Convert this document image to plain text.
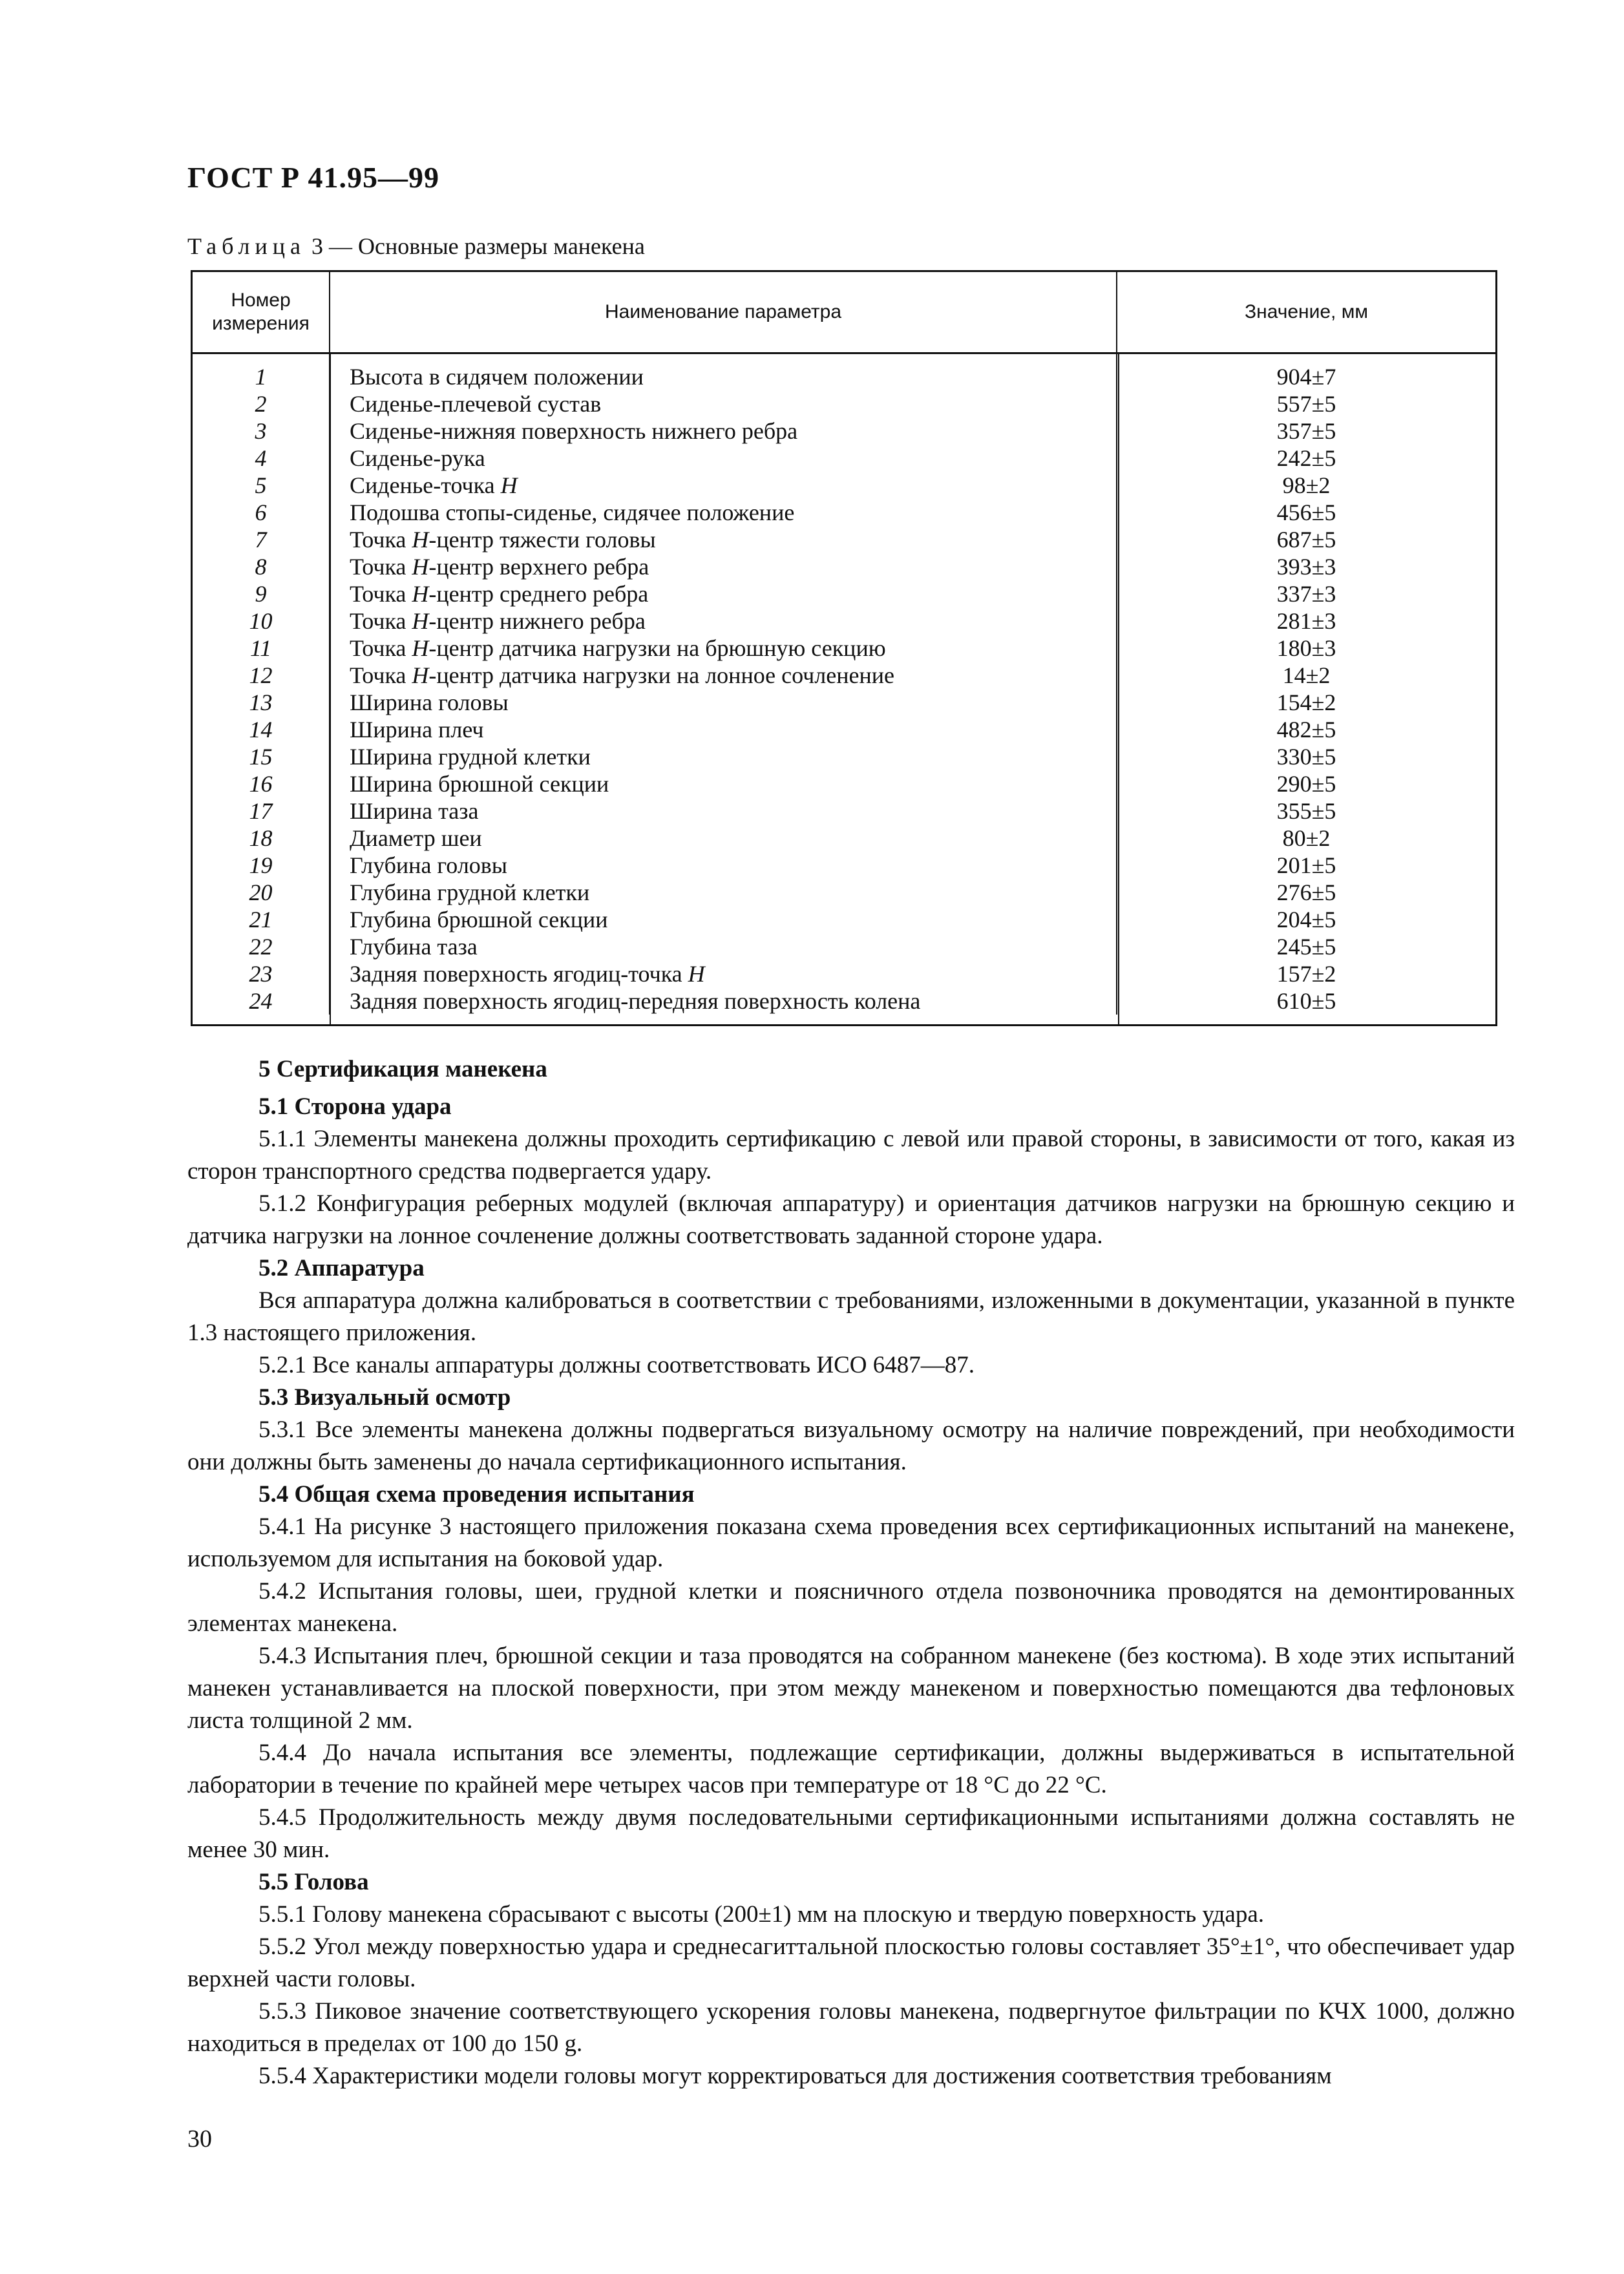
ГОСТ Р 41.95—99
Таблица 3 — Основные размеры манекена
Номер измерения	Наименование параметра	Значение, мм
1	Высота в сидячем положении	904±7
2	Сиденье-плечевой сустав	557±5
3	Сиденье-нижняя поверхность нижнего ребра	357±5
4	Сиденье-рука	242±5
5	Сиденье-точка H	98±2
6	Подошва стопы-сиденье, сидячее положение	456±5
7	Точка H-центр тяжести головы	687±5
8	Точка H-центр верхнего ребра	393±3
9	Точка H-центр среднего ребра	337±3
10	Точка H-центр нижнего ребра	281±3
11	Точка H-центр датчика нагрузки на брюшную секцию	180±3
12	Точка H-центр датчика нагрузки на лонное сочленение	14±2
13	Ширина головы	154±2
14	Ширина плеч	482±5
15	Ширина грудной клетки	330±5
16	Ширина брюшной секции	290±5
17	Ширина таза	355±5
18	Диаметр шеи	80±2
19	Глубина головы	201±5
20	Глубина грудной клетки	276±5
21	Глубина брюшной секции	204±5
22	Глубина таза	245±5
23	Задняя поверхность ягодиц-точка H	157±2
24	Задняя поверхность ягодиц-передняя поверхность колена	610±5

5 Сертификация манекена

5.1 Сторона удара

5.1.1 Элементы манекена должны проходить сертификацию с левой или правой стороны, в зависимости от того, какая из сторон транспортного средства подвергается удару.

5.1.2 Конфигурация реберных модулей (включая аппаратуру) и ориентация датчиков нагрузки на брюшную секцию и датчика нагрузки на лонное сочленение должны соответствовать заданной стороне удара.

5.2 Аппаратура

Вся аппаратура должна калиброваться в соответствии с требованиями, изложенными в документации, указанной в пункте 1.3 настоящего приложения.

5.2.1 Все каналы аппаратуры должны соответствовать ИСО 6487—87.

5.3 Визуальный осмотр

5.3.1 Все элементы манекена должны подвергаться визуальному осмотру на наличие повреждений, при необходимости они должны быть заменены до начала сертификационного испытания.

5.4 Общая схема проведения испытания

5.4.1 На рисунке 3 настоящего приложения показана схема проведения всех сертификационных испытаний на манекене, используемом для испытания на боковой удар.

5.4.2 Испытания головы, шеи, грудной клетки и поясничного отдела позвоночника проводятся на демонтированных элементах манекена.

5.4.3 Испытания плеч, брюшной секции и таза проводятся на собранном манекене (без костюма). В ходе этих испытаний манекен устанавливается на плоской поверхности, при этом между манекеном и поверхностью помещаются два тефлоновых листа толщиной 2 мм.

5.4.4 До начала испытания все элементы, подлежащие сертификации, должны выдерживаться в испытательной лаборатории в течение по крайней мере четырех часов при температуре от 18 °С до 22 °С.

5.4.5 Продолжительность между двумя последовательными сертификационными испытаниями должна составлять не менее 30 мин.

5.5 Голова

5.5.1 Голову манекена сбрасывают с высоты (200±1) мм на плоскую и твердую поверхность удара.

5.5.2 Угол между поверхностью удара и среднесагиттальной плоскостью головы составляет 35°±1°, что обеспечивает удар верхней части головы.

5.5.3 Пиковое значение соответствующего ускорения головы манекена, подвергнутое фильтрации по КЧХ 1000, должно находиться в пределах от 100 до 150 g.

5.5.4 Характеристики модели головы могут корректироваться для достижения соответствия требованиям

30
